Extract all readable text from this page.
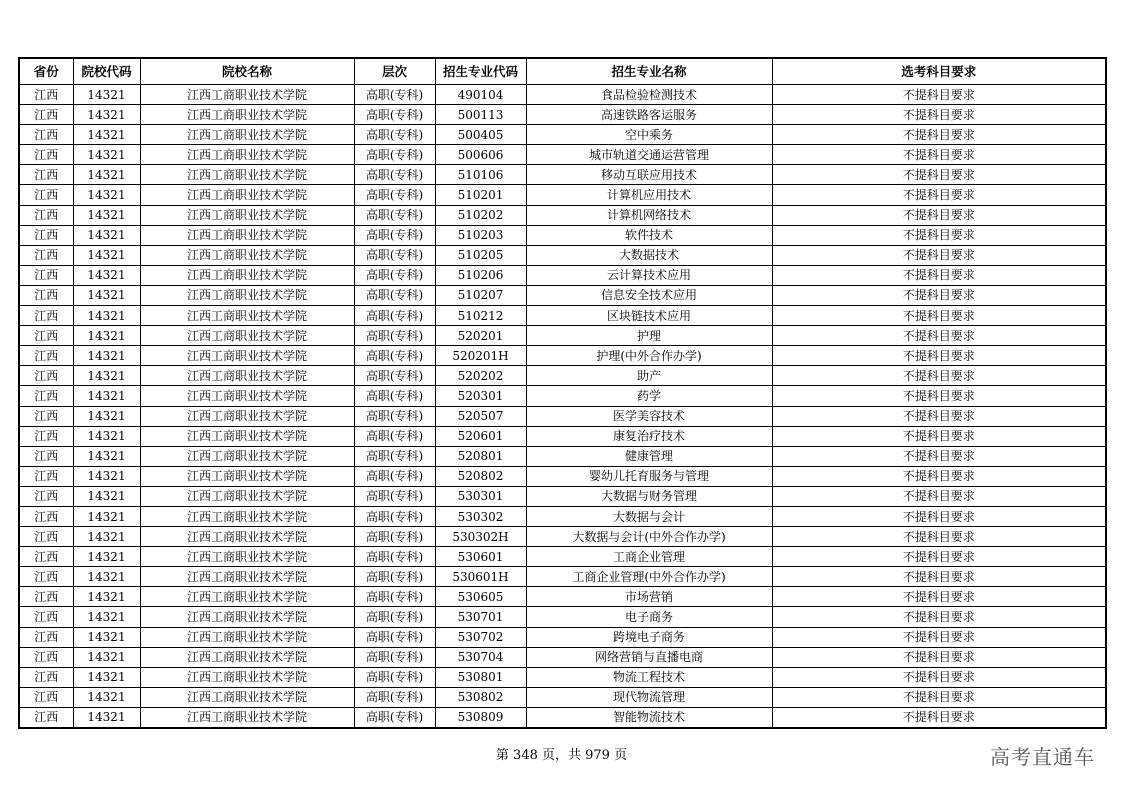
省份	院校代码	院校名称	层次	招生专业代码	招生专业名称	选考科目要求
江西	14321	江西工商职业技术学院	高职(专科)	490104	食品检验检测技术	不提科目要求
江西	14321	江西工商职业技术学院	高职(专科)	500113	高速铁路客运服务	不提科目要求
江西	14321	江西工商职业技术学院	高职(专科)	500405	空中乘务	不提科目要求
江西	14321	江西工商职业技术学院	高职(专科)	500606	城市轨道交通运营管理	不提科目要求
江西	14321	江西工商职业技术学院	高职(专科)	510106	移动互联应用技术	不提科目要求
江西	14321	江西工商职业技术学院	高职(专科)	510201	计算机应用技术	不提科目要求
江西	14321	江西工商职业技术学院	高职(专科)	510202	计算机网络技术	不提科目要求
江西	14321	江西工商职业技术学院	高职(专科)	510203	软件技术	不提科目要求
江西	14321	江西工商职业技术学院	高职(专科)	510205	大数据技术	不提科目要求
江西	14321	江西工商职业技术学院	高职(专科)	510206	云计算技术应用	不提科目要求
江西	14321	江西工商职业技术学院	高职(专科)	510207	信息安全技术应用	不提科目要求
江西	14321	江西工商职业技术学院	高职(专科)	510212	区块链技术应用	不提科目要求
江西	14321	江西工商职业技术学院	高职(专科)	520201	护理	不提科目要求
江西	14321	江西工商职业技术学院	高职(专科)	520201H	护理(中外合作办学)	不提科目要求
江西	14321	江西工商职业技术学院	高职(专科)	520202	助产	不提科目要求
江西	14321	江西工商职业技术学院	高职(专科)	520301	药学	不提科目要求
江西	14321	江西工商职业技术学院	高职(专科)	520507	医学美容技术	不提科目要求
江西	14321	江西工商职业技术学院	高职(专科)	520601	康复治疗技术	不提科目要求
江西	14321	江西工商职业技术学院	高职(专科)	520801	健康管理	不提科目要求
江西	14321	江西工商职业技术学院	高职(专科)	520802	婴幼儿托育服务与管理	不提科目要求
江西	14321	江西工商职业技术学院	高职(专科)	530301	大数据与财务管理	不提科目要求
江西	14321	江西工商职业技术学院	高职(专科)	530302	大数据与会计	不提科目要求
江西	14321	江西工商职业技术学院	高职(专科)	530302H	大数据与会计(中外合作办学)	不提科目要求
江西	14321	江西工商职业技术学院	高职(专科)	530601	工商企业管理	不提科目要求
江西	14321	江西工商职业技术学院	高职(专科)	530601H	工商企业管理(中外合作办学)	不提科目要求
江西	14321	江西工商职业技术学院	高职(专科)	530605	市场营销	不提科目要求
江西	14321	江西工商职业技术学院	高职(专科)	530701	电子商务	不提科目要求
江西	14321	江西工商职业技术学院	高职(专科)	530702	跨境电子商务	不提科目要求
江西	14321	江西工商职业技术学院	高职(专科)	530704	网络营销与直播电商	不提科目要求
江西	14321	江西工商职业技术学院	高职(专科)	530801	物流工程技术	不提科目要求
江西	14321	江西工商职业技术学院	高职(专科)	530802	现代物流管理	不提科目要求
江西	14321	江西工商职业技术学院	高职(专科)	530809	智能物流技术	不提科目要求
第 348 页，共 979 页	高考直通车
